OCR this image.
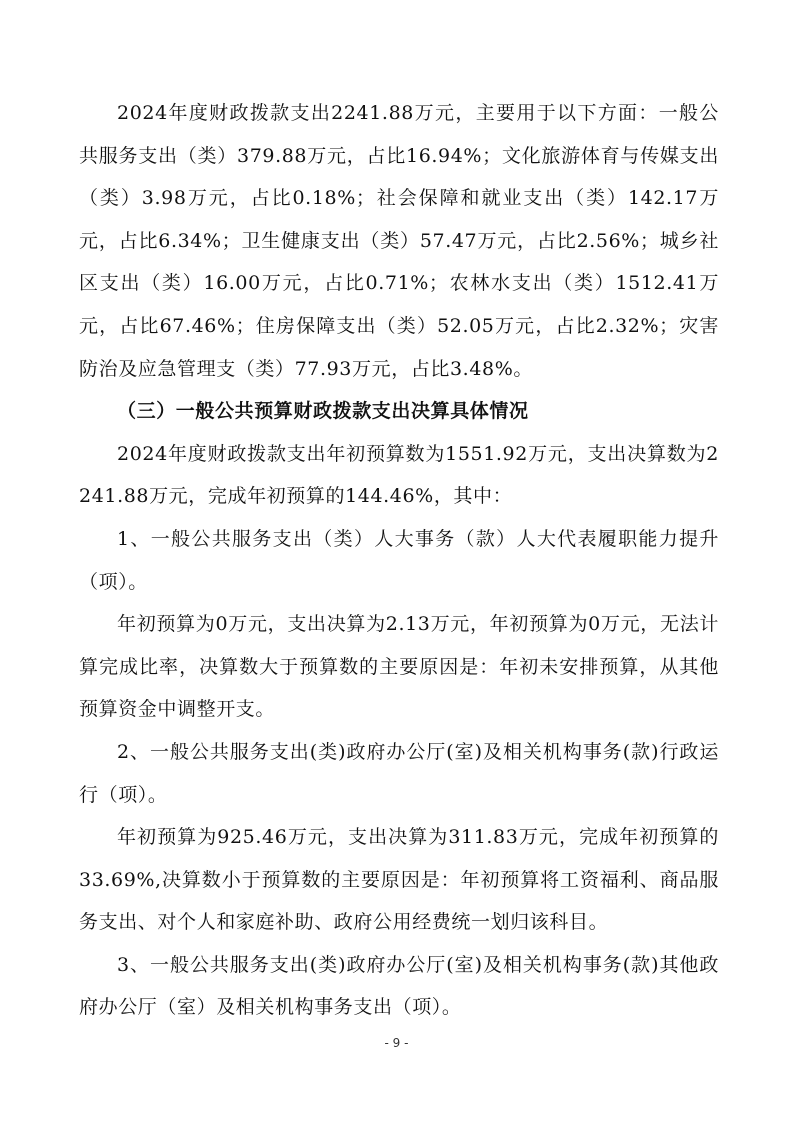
2024年度财政拨款支出2241.88万元，主要用于以下方面：一般公共服务支出（类）379.88万元，占比16.94%；文化旅游体育与传媒支出（类）3.98万元，占比0.18%；社会保障和就业支出（类）142.17万元，占比6.34%；卫生健康支出（类）57.47万元，占比2.56%；城乡社区支出（类）16.00万元，占比0.71%；农林水支出（类）1512.41万元，占比67.46%；住房保障支出（类）52.05万元，占比2.32%；灾害防治及应急管理支（类）77.93万元，占比3.48%。

（三）一般公共预算财政拨款支出决算具体情况

2024年度财政拨款支出年初预算数为1551.92万元，支出决算数为2241.88万元，完成年初预算的144.46%，其中：

1、一般公共服务支出（类）人大事务（款）人大代表履职能力提升（项）。

年初预算为0万元，支出决算为2.13万元，年初预算为0万元，无法计算完成比率，决算数大于预算数的主要原因是：年初未安排预算，从其他预算资金中调整开支。

2、一般公共服务支出(类)政府办公厅(室)及相关机构事务(款)行政运行（项）。

年初预算为925.46万元，支出决算为311.83万元，完成年初预算的33.69%,决算数小于预算数的主要原因是：年初预算将工资福利、商品服务支出、对个人和家庭补助、政府公用经费统一划归该科目。

3、一般公共服务支出(类)政府办公厅(室)及相关机构事务(款)其他政府办公厅（室）及相关机构事务支出（项）。

- 9 -
